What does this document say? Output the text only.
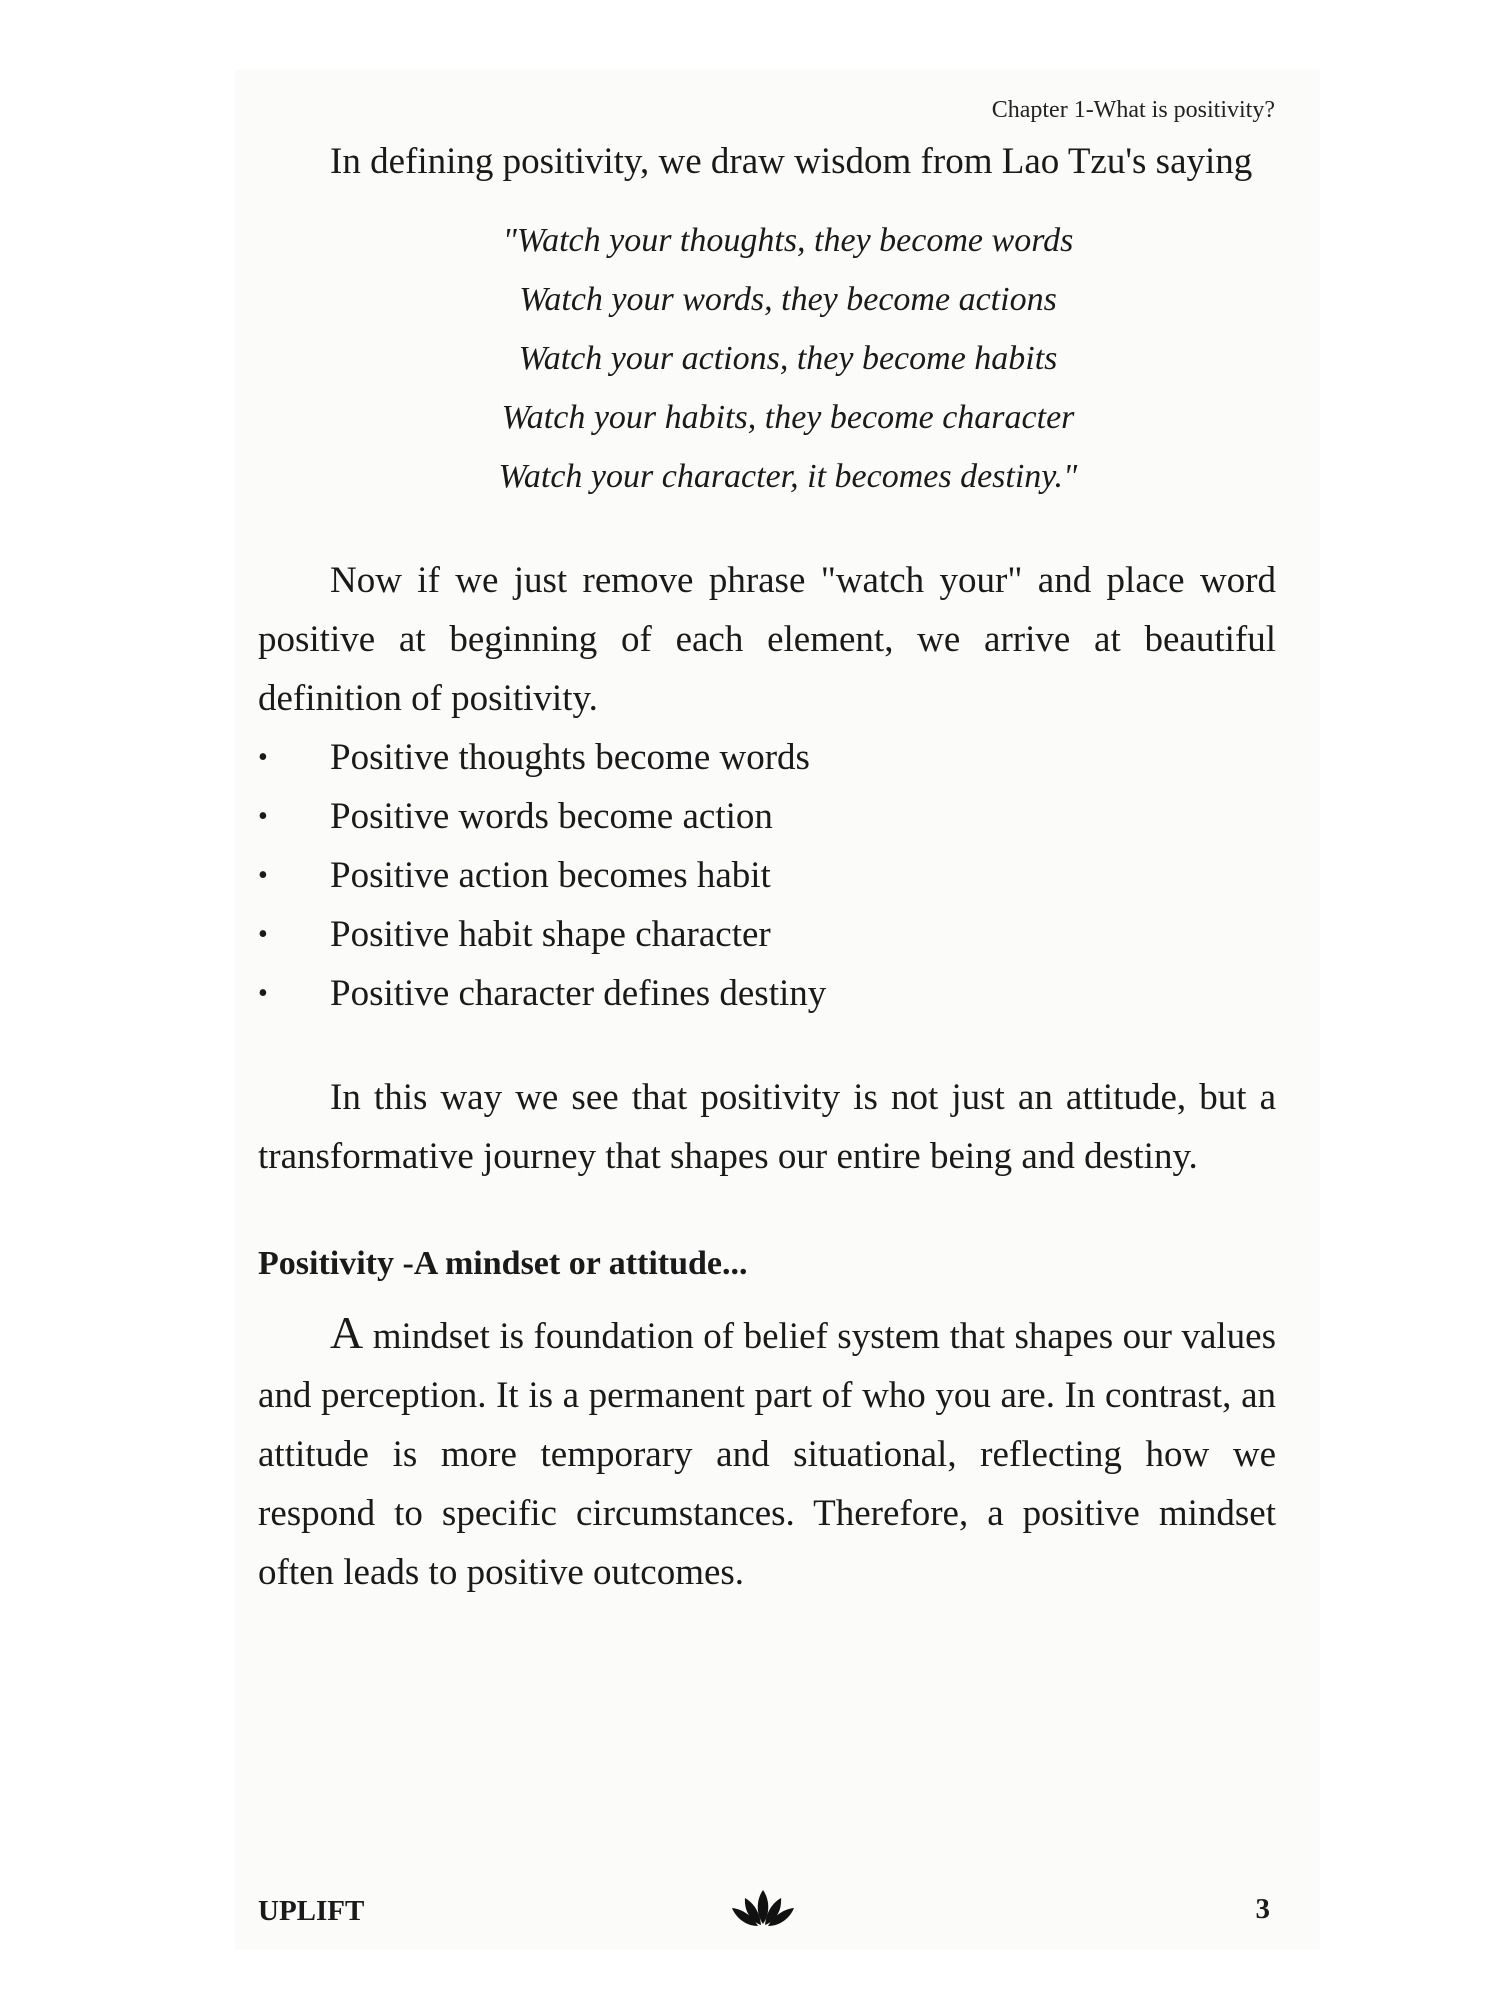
Chapter 1-What is positivity?

In defining positivity, we draw wisdom from Lao Tzu's saying

"Watch your thoughts, they become words
Watch your words, they become actions
Watch your actions, they become habits
Watch your habits, they become character
Watch your character, it becomes destiny."

Now if we just remove phrase "watch your" and place word positive at beginning of each element, we arrive at beautiful definition of positivity.

• Positive thoughts become words
• Positive words become action
• Positive action becomes habit
• Positive habit shape character
• Positive character defines destiny

In this way we see that positivity is not just an attitude, but a transformative journey that shapes our entire being and destiny.

Positivity -A mindset or attitude...

A mindset is foundation of belief system that shapes our values and perception. It is a permanent part of who you are. In contrast, an attitude is more temporary and situational, reflecting how we respond to specific circumstances. Therefore, a positive mindset often leads to positive outcomes.

UPLIFT	3
